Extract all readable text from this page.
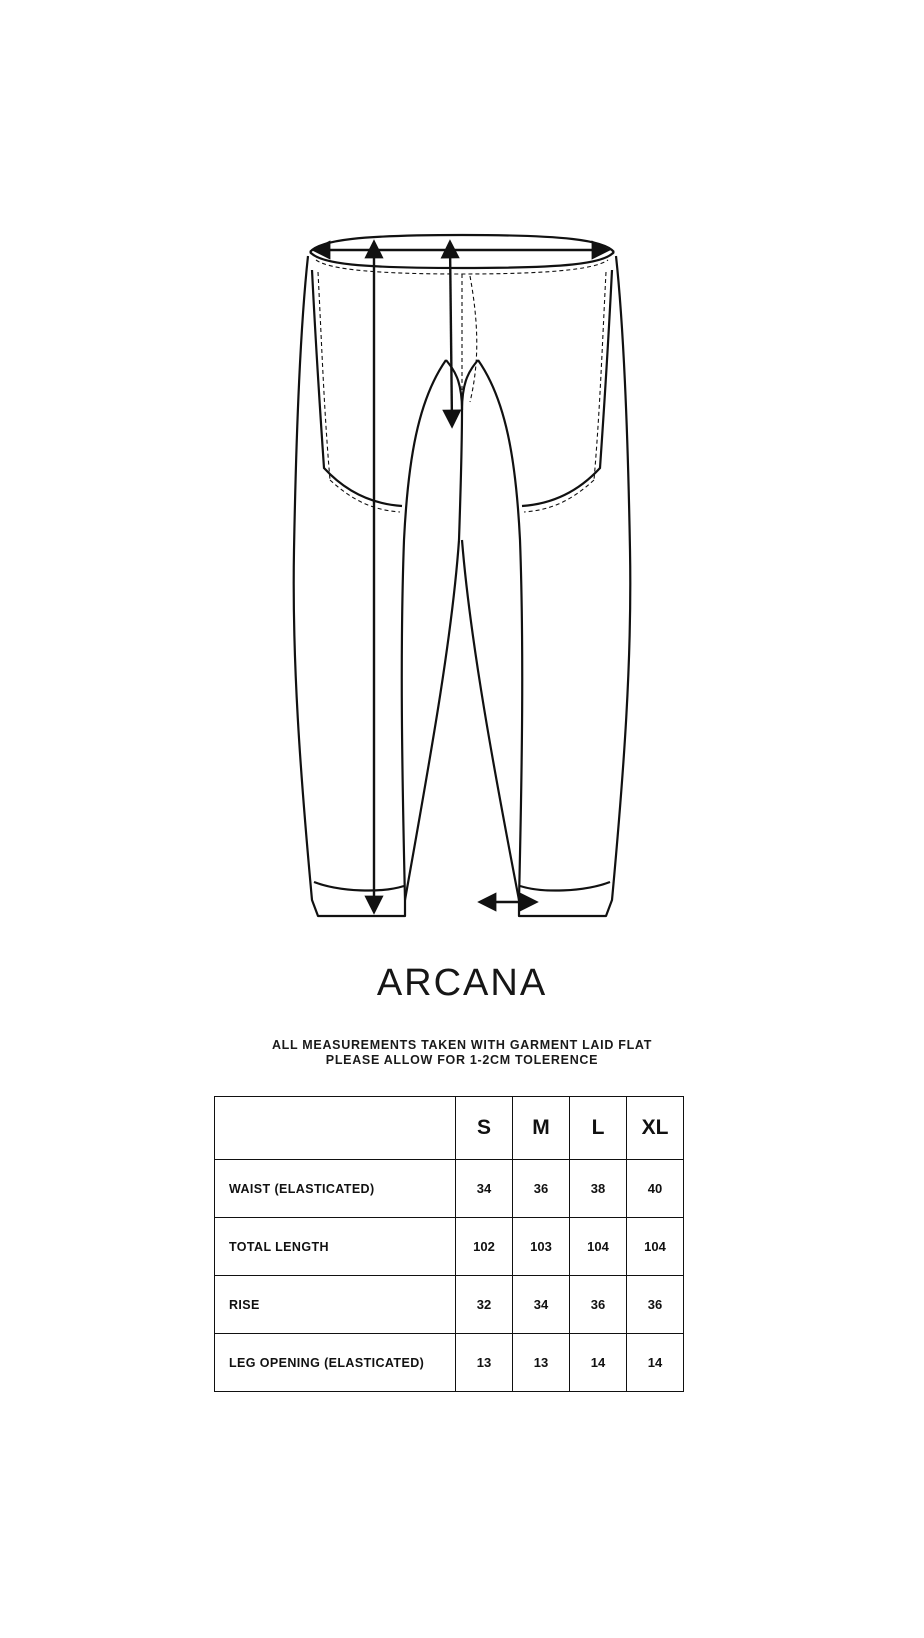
ARCANA
ALL MEASUREMENTS TAKEN WITH GARMENT LAID FLAT
PLEASE ALLOW FOR 1-2CM TOLERENCE
	S	M	L	XL
WAIST (ELASTICATED)	34	36	38	40
TOTAL LENGTH	102	103	104	104
RISE	32	34	36	36
LEG OPENING (ELASTICATED)	13	13	14	14
